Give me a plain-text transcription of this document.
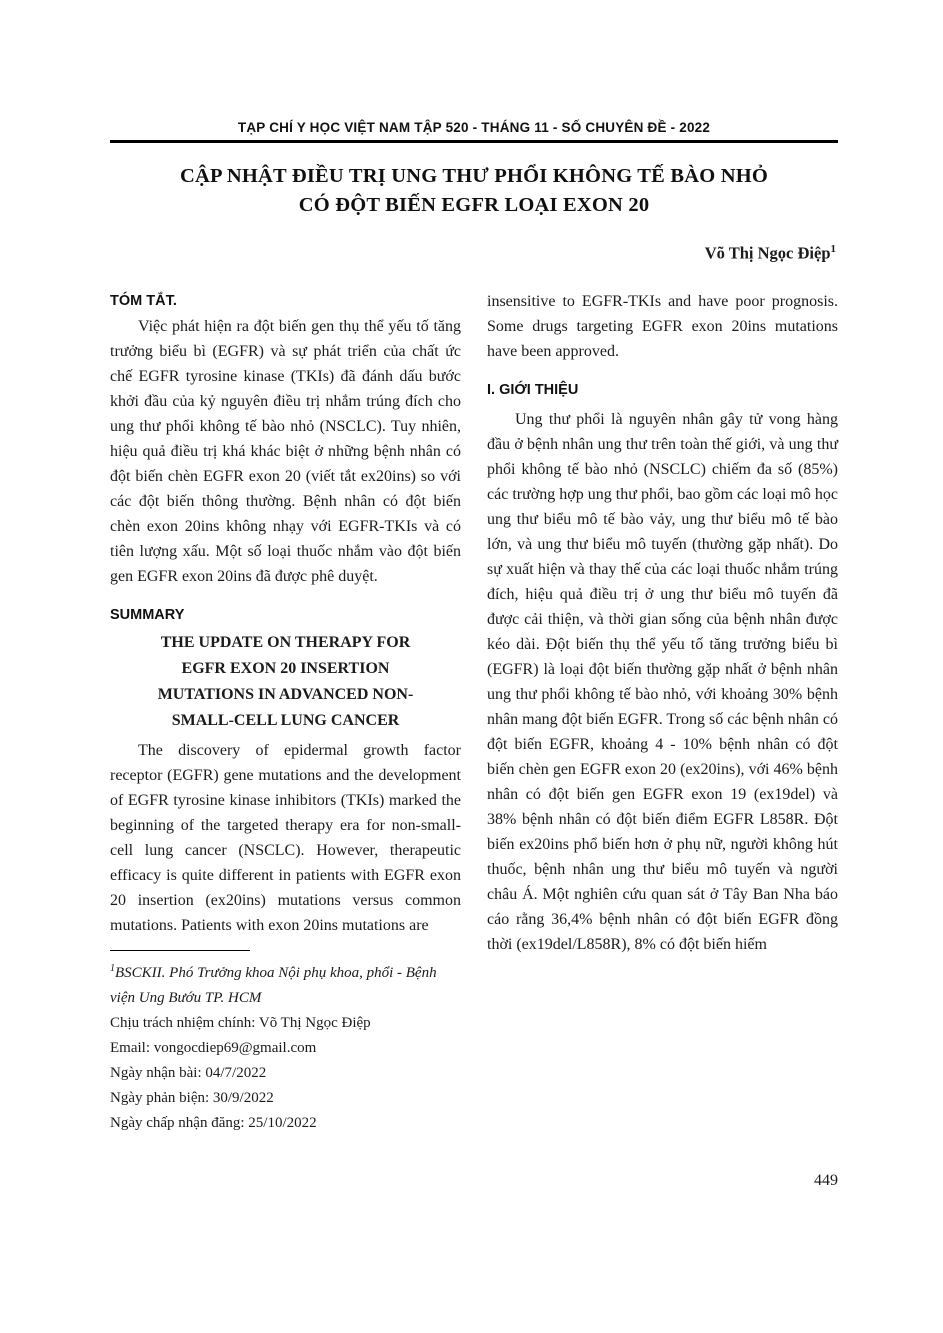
TẠP CHÍ Y HỌC VIỆT NAM TẬP 520 - THÁNG 11 - SỐ CHUYÊN ĐỀ - 2022
CẬP NHẬT ĐIỀU TRỊ UNG THƯ PHỔI KHÔNG TẾ BÀO NHỎ
CÓ ĐỘT BIẾN EGFR LOẠI EXON 20
Võ Thị Ngọc Điệp$^1$
TÓM TẮT.

Việc phát hiện ra đột biến gen thụ thể yếu tố tăng trưởng biểu bì (EGFR) và sự phát triển của chất ức chế EGFR tyrosine kinase (TKIs) đã đánh dấu bước khởi đầu của kỷ nguyên điều trị nhắm trúng đích cho ung thư phổi không tế bào nhỏ (NSCLC). Tuy nhiên, hiệu quả điều trị khá khác biệt ở những bệnh nhân có đột biến chèn EGFR exon 20 (viết tắt ex20ins) so với các đột biến thông thường. Bệnh nhân có đột biến chèn exon 20ins không nhạy với EGFR-TKIs và có tiên lượng xấu. Một số loại thuốc nhắm vào đột biến gen EGFR exon 20ins đã được phê duyệt.

SUMMARY
THE UPDATE ON THERAPY FOR
EGFR EXON 20 INSERTION
MUTATIONS IN ADVANCED NON-
SMALL-CELL LUNG CANCER

The discovery of epidermal growth factor receptor (EGFR) gene mutations and the development of EGFR tyrosine kinase inhibitors (TKIs) marked the beginning of the targeted therapy era for non-small-cell lung cancer (NSCLC). However, therapeutic efficacy is quite different in patients with EGFR exon 20 insertion (ex20ins) mutations versus common mutations. Patients with exon 20ins mutations are

$^1$BSCKII. Phó Trưởng khoa Nội phụ khoa, phổi - Bệnh viện Ung Bướu TP. HCM

Chịu trách nhiệm chính: Võ Thị Ngọc Điệp

Email: vongocdiep69@gmail.com

Ngày nhận bài: 04/7/2022

Ngày phản biện: 30/9/2022

Ngày chấp nhận đăng: 25/10/2022

insensitive to EGFR-TKIs and have poor prognosis. Some drugs targeting EGFR exon 20ins mutations have been approved.

I. GIỚI THIỆU

Ung thư phổi là nguyên nhân gây tử vong hàng đầu ở bệnh nhân ung thư trên toàn thế giới, và ung thư phổi không tế bào nhỏ (NSCLC) chiếm đa số (85%) các trường hợp ung thư phổi, bao gồm các loại mô học ung thư biểu mô tế bào vảy, ung thư biểu mô tế bào lớn, và ung thư biểu mô tuyến (thường gặp nhất). Do sự xuất hiện và thay thế của các loại thuốc nhắm trúng đích, hiệu quả điều trị ở ung thư biểu mô tuyến đã được cải thiện, và thời gian sống của bệnh nhân được kéo dài. Đột biến thụ thể yếu tố tăng trưởng biểu bì (EGFR) là loại đột biến thường gặp nhất ở bệnh nhân ung thư phổi không tế bào nhỏ, với khoảng 30% bệnh nhân mang đột biến EGFR. Trong số các bệnh nhân có đột biến EGFR, khoảng 4 - 10% bệnh nhân có đột biến chèn gen EGFR exon 20 (ex20ins), với 46% bệnh nhân có đột biến gen EGFR exon 19 (ex19del) và 38% bệnh nhân có đột biến điểm EGFR L858R. Đột biến ex20ins phổ biến hơn ở phụ nữ, người không hút thuốc, bệnh nhân ung thư biểu mô tuyến và người châu Á. Một nghiên cứu quan sát ở Tây Ban Nha báo cáo rằng 36,4% bệnh nhân có đột biến EGFR đồng thời (ex19del/L858R), 8% có đột biến hiếm

449
